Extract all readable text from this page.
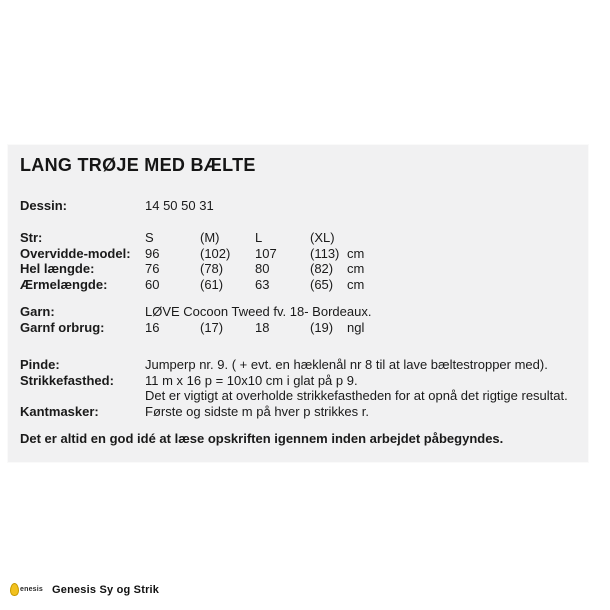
LANG TRØJE MED BÆLTE
Dessin:	14 50 50 31
Str:	S	(M)	L	(XL)
Overvidde-model:	96	(102)	107	(113) cm
Hel længde:	76	(78)	80	(82)	cm
Ærmelængde:	60	(61)	63	(65)	cm
Garn:	LØVE Cocoon Tweed fv. 18- Bordeaux.
Garnf orbrug:	16	(17)	18	(19)	ngl
Pinde:	Jumperp nr. 9. ( + evt. en hæklenål nr 8 til at lave bæltestropper med).
Strikkefasthed:	11 m x 16 p = 10x10 cm i glat på p 9.
Det er vigtigt at overholde strikkefastheden for at opnå det rigtige resultat.
Kantmasker:	Første og sidste m på hver p strikkes r.
Det er altid en god idé at læse opskriften igennem inden arbejdet påbegyndes.
enesis Genesis Sy og Strik
